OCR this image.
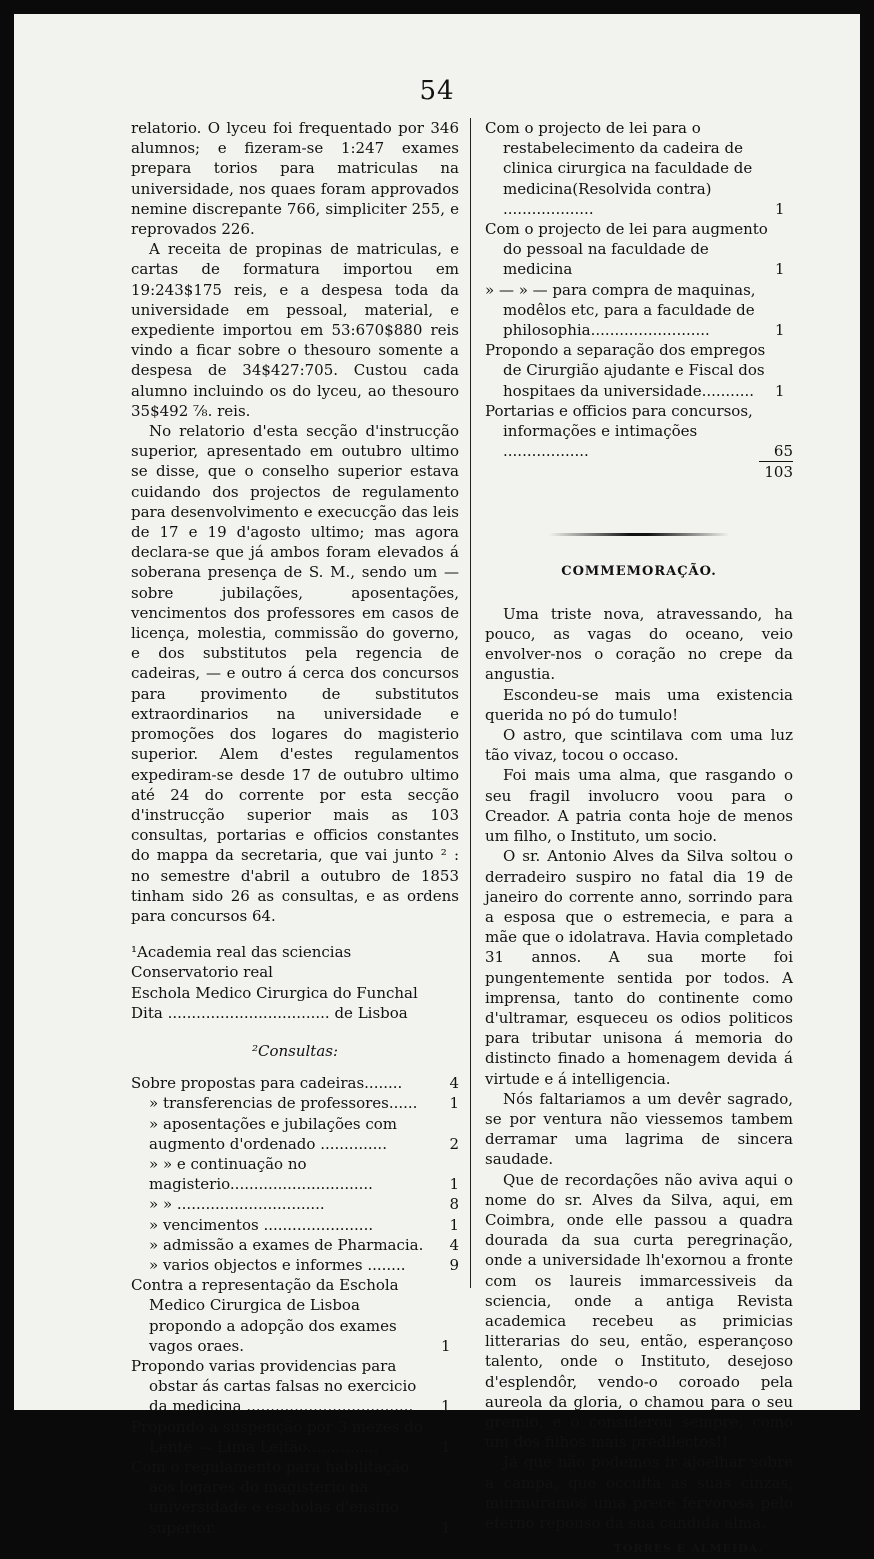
54

relatorio. O lyceu foi frequentado por 346 alumnos; e fizeram-se 1:247 exames prepara torios para matriculas na universidade, nos quaes foram approvados nemine discrepante 766, simpliciter 255, e reprovados 226.

A receita de propinas de matriculas, e cartas de formatura importou em 19:243$175 reis, e a despesa toda da universidade em pessoal, material, e expediente importou em 53:670$880 reis vindo a ficar sobre o thesouro somente a despesa de 34$427:705. Custou cada alumno incluindo os do lyceu, ao thesouro 35$492 ⅞. reis.

No relatorio d'esta secção d'instrucção superior, apresentado em outubro ultimo se disse, que o conselho superior estava cuidando dos projectos de regulamento para desenvolvimento e execucção das leis de 17 e 19 d'agosto ultimo; mas agora declara-se que já ambos foram elevados á soberana presença de S. M., sendo um — sobre jubilações, aposentações, vencimentos dos professores em casos de licença, molestia, commissão do governo, e dos substitutos pela regencia de cadeiras, — e outro á cerca dos concursos para provimento de substitutos extraordinarios na universidade e promoções dos logares do magisterio superior. Alem d'estes regulamentos expediram-se desde 17 de outubro ultimo até 24 do corrente por esta secção d'instrucção superior mais as 103 consultas, portarias e officios constantes do mappa da secretaria, que vai junto ² : no semestre d'abril a outubro de 1853 tinham sido 26 as consultas, e as ordens para concursos 64.

¹Academia real das sciencias
Conservatorio real
Eschola Medico Cirurgica do Funchal
Dita .................................. de Lisboa
²Consultas:
Sobre propostas para cadeiras........	4
» transferencias de professores...... 1
» aposentações e jubilações com augmento d'ordenado ..............	2
» » e continuação no magisterio..............................	1
» » ...............................	8
» vencimentos .......................	1
» admissão a exames de Pharmacia. 4
» varios objectos e informes ........	9
Contra a representação da Eschola Medico Cirurgica de Lisboa propondo a adopção dos exames vagos oraes.	1
Propondo varias providencias para obstar ás cartas falsas no exercicio da medicina ................................... 1
Propondo a suspenção por 3 mezes do Lente — Lima Leitão...............	1
Com o regulamento para habilitação aos logares do magisterio na universidade e escholas d'ensino superior.	1
Com o projecto de lei para o restabelecimento da cadeira de clinica cirurgica na faculdade de medicina(Resolvida contra) ...................	1
Com o projecto de lei para augmento do pessoal na faculdade de medicina	1
» — » — para compra de maquinas, modêlos etc, para a faculdade de philosophia.........................	1
Propondo a separação dos empregos de Cirurgião ajudante e Fiscal dos hospitaes da universidade........... 1
Portarias e officios para concursos, informações e intimações ..................	65
103
COMMEMORAÇÃO.

Uma triste nova, atravessando, ha pouco, as vagas do oceano, veio envolver-nos o coração no crepe da angustia.

Escondeu-se mais uma existencia querida no pó do tumulo!

O astro, que scintilava com uma luz tão vivaz, tocou o occaso.

Foi mais uma alma, que rasgando o seu fragil involucro voou para o Creador. A patria conta hoje de menos um filho, o Instituto, um socio.

O sr. Antonio Alves da Silva soltou o derradeiro suspiro no fatal dia 19 de janeiro do corrente anno, sorrindo para a esposa que o estremecia, e para a mãe que o idolatrava. Havia completado 31 annos. A sua morte foi pungentemente sentida por todos. A imprensa, tanto do continente como d'ultramar, esqueceu os odios politicos para tributar unisona á memoria do distincto finado a homenagem devida á virtude e á intelligencia.

Nós faltariamos a um devêr sagrado, se por ventura não viessemos tambem derramar uma lagrima de sincera saudade.

Que de recordações não aviva aqui o nome do sr. Alves da Silva, aqui, em Coimbra, onde elle passou a quadra dourada da sua curta peregrinação, onde a universidade lh'exornou a fronte com os laureis immarcessiveis da sciencia, onde a antiga Revista academica recebeu as primicias litterarias do seu, então, esperançoso talento, onde o Instituto, desejoso d'esplendôr, vendo-o coroado pela aureola da gloria, o chamou para o seu gremio, e o considerou sempre, como um dos filhos mais predilectos!!

Já que não podemos ir ajoelhar sobre a campa, que occulta as suas cinzas, murmuramos uma prece fervorosa pelo eterno repouso da sua candida alma.

TORRES E ALMEIDA.
